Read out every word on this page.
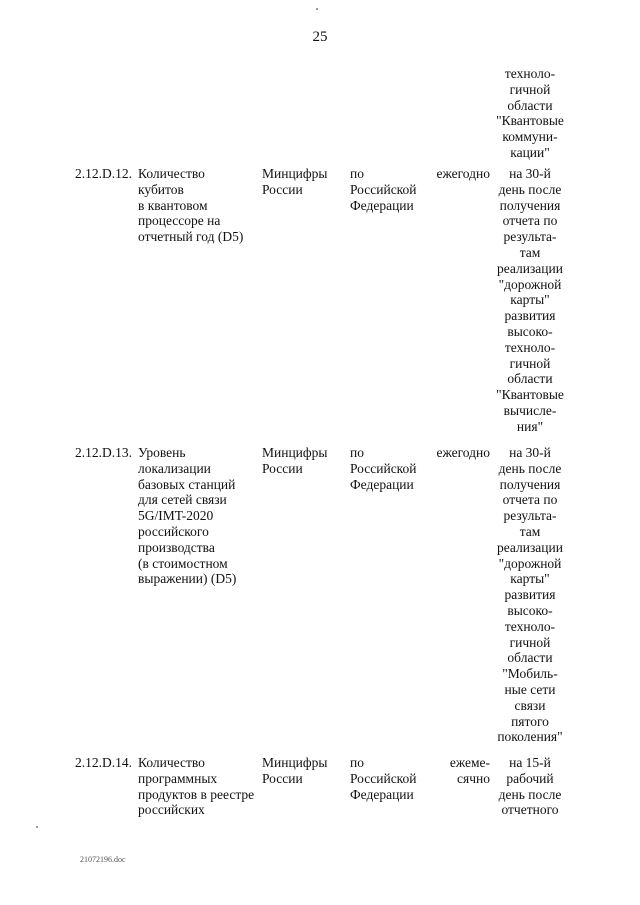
25
техноло-
гичной
области
"Квантовые
коммуни-
кации"
2.12.D.12. Количество
кубитов
в квантовом
процессоре на
отчетный год (D5)
Минцифры
России
по
Российской
Федерации
ежегодно	на 30-й
день после
получения
отчета по
результа-
там
реализации
"дорожной
карты"
развития
высоко-
техноло-
гичной
области
"Квантовые
вычисле-
ния"
2.12.D.13. Уровень
локализации
базовых станций
для сетей связи
5G/IMT-2020
российского
производства
(в стоимостном
выражении) (D5)
Минцифры
России
по
Российской
Федерации
ежегодно	на 30-й
день после
получения
отчета по
результа-
там
реализации
"дорожной
карты"
развития
высоко-
техноло-
гичной
области
"Мобиль-
ные сети
связи
пятого
поколения"
2.12.D.14. Количество
программных
продуктов в реестре
российских
Минцифры
России
по
Российской
Федерации
ежеме-
сячно
на 15-й
рабочий
день после
отчетного
21072196.doc
